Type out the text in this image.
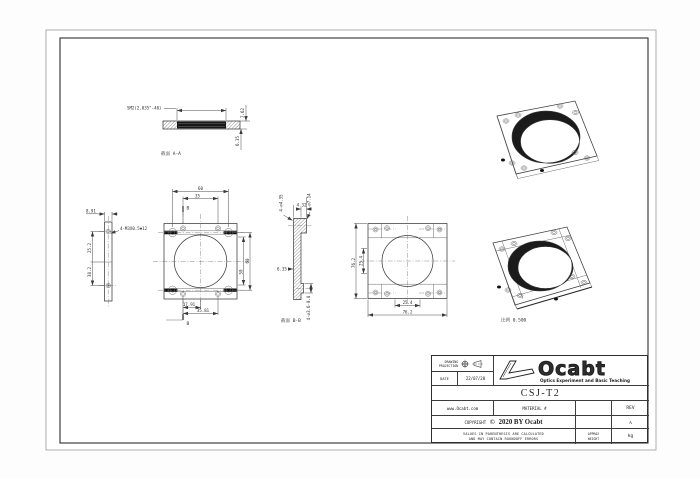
SM2(2.035"-40)	7.62
6.35
截面 A-A
8.91
4-M3X0.5▼12
25.2
38.2
B
B
60
35
60
50
17.91
35.81
4.32
4-∅4.35	4-∅7.14
6.35
4-∅3.6-0.8
截面 B-B
76.2 25.4
25.4
76.2
比例 0.500
DRAWING
PROJECTION
DATE	22/07/20	Ocabt
Optics Experiment and Basic Teaching
CSJ-T2
www.Ocabt.com	MATERIAL #	REV
COPYRIGHT © 2020 BY Ocabt	A
VALUES IN PARENTHESIS ARE CALCULATED
AND MAY CONTAIN ROUNDOFF ERRORS
APPROX
WEIGHT	kg
